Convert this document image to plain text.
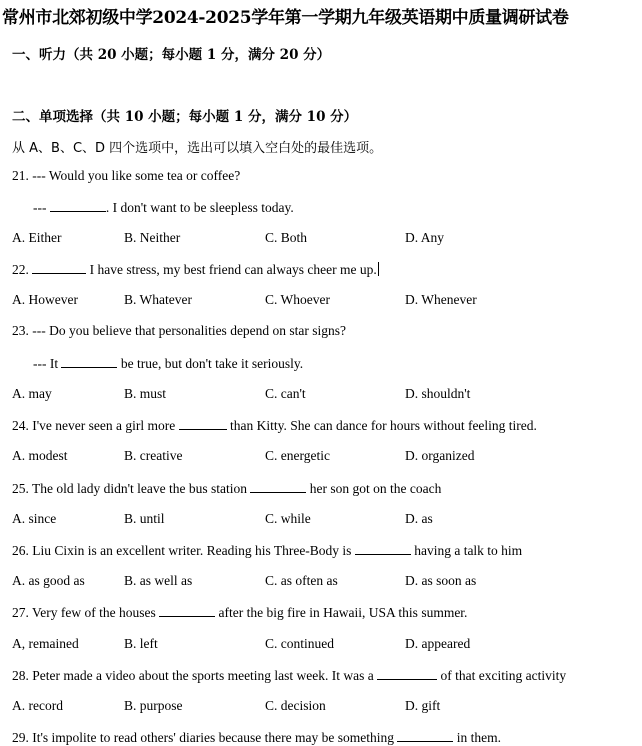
常州市北郊初级中学2024-2025学年第一学期九年级英语期中质量调研试卷
一、听力（共 20 小题；每小题 1 分，满分 20 分）
二、单项选择（共 10 小题；每小题 1 分，满分 10 分）
从 A、B、C、D 四个选项中，选出可以填入空白处的最佳选项。
21. --- Would you like some tea or coffee?
---	. I don't want to be sleepless today.
A. Either	B. Neither	C. Both	D. Any
22.	I have stress, my best friend can always cheer me up.
A. However	B. Whatever	C. Whoever	D. Whenever
23. --- Do you believe that personalities depend on star signs?
--- It	be true, but don't take it seriously.
A. may	B. must	C. can't	D. shouldn't
24. I've never seen a girl more	than Kitty. She can dance for hours without feeling tired.
A. modest	B. creative	C. energetic	D. organized
25. The old lady didn't leave the bus station	her son got on the coach
A. since	B. until	C. while	D. as
26. Liu Cixin is an excellent writer. Reading his Three-Body is	having a talk to him
A. as good as	B. as well as	C. as often as	D. as soon as
27. Very few of the houses	after the big fire in Hawaii, USA this summer.
A, remained	B. left	C. continued	D. appeared
28. Peter made a video about the sports meeting last week. It was a	of that exciting activity
A. record	B. purpose	C. decision	D. gift
29. It's impolite to read others' diaries because there may be something	in them.
